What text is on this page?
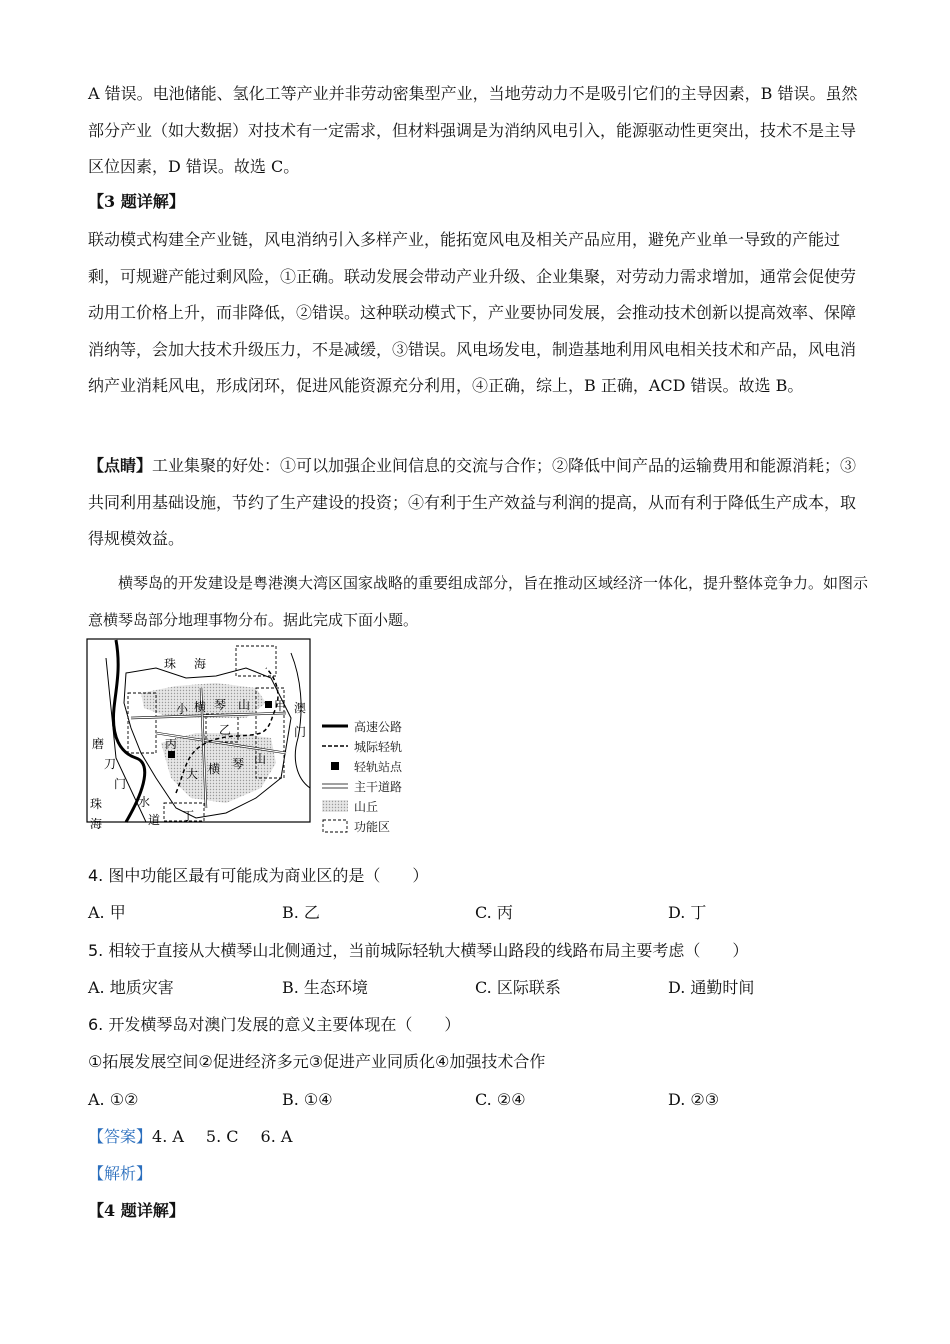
A 错误。电池储能、氢化工等产业并非劳动密集型产业，当地劳动力不是吸引它们的主导因素，B 错误。虽然部分产业（如大数据）对技术有一定需求，但材料强调是为消纳风电引入，能源驱动性更突出，技术不是主导区位因素，D 错误。故选 C。

【3 题详解】

联动模式构建全产业链，风电消纳引入多样产业，能拓宽风电及相关产品应用，避免产业单一导致的产能过剩，可规避产能过剩风险，①正确。联动发展会带动产业升级、企业集聚，对劳动力需求增加，通常会促使劳动用工价格上升，而非降低，②错误。这种联动模式下，产业要协同发展，会推动技术创新以提高效率、保障消纳等，会加大技术升级压力，不是减缓，③错误。风电场发电，制造基地利用风电相关技术和产品，风电消纳产业消耗风电，形成闭环，促进风能资源充分利用，④正确，综上，B 正确，ACD 错误。故选 B。

【点睛】工业集聚的好处：①可以加强企业间信息的交流与合作；②降低中间产品的运输费用和能源消耗；③共同利用基础设施，节约了生产建设的投资；④有利于生产效益与利润的提高，从而有利于降低生产成本，取得规模效益。

横琴岛的开发建设是粤港澳大湾区国家战略的重要组成部分，旨在推动区域经济一体化，提升整体竞争力。如图示意横琴岛部分地理事物分布。据此完成下面小题。

珠 海
小 横 琴 山
大 横 琴 山
甲
乙
丙
丁
澳
门
磨
刀
门
水
道
珠
海
高速公路
城际轻轨
轻轨站点
主干道路
山丘
功能区
4. 图中功能区最有可能成为商业区的是（　　）
A. 甲	B. 乙	C. 丙	D. 丁
5. 相较于直接从大横琴山北侧通过，当前城际轻轨大横琴山路段的线路布局主要考虑（　　）
A. 地质灾害	B. 生态环境	C. 区际联系	D. 通勤时间
6. 开发横琴岛对澳门发展的意义主要体现在（　　）
①拓展发展空间②促进经济多元③促进产业同质化④加强技术合作
A. ①②	B. ①④	C. ②④	D. ②③
【答案】4. A 5. C 6. A
【解析】
【4 题详解】
